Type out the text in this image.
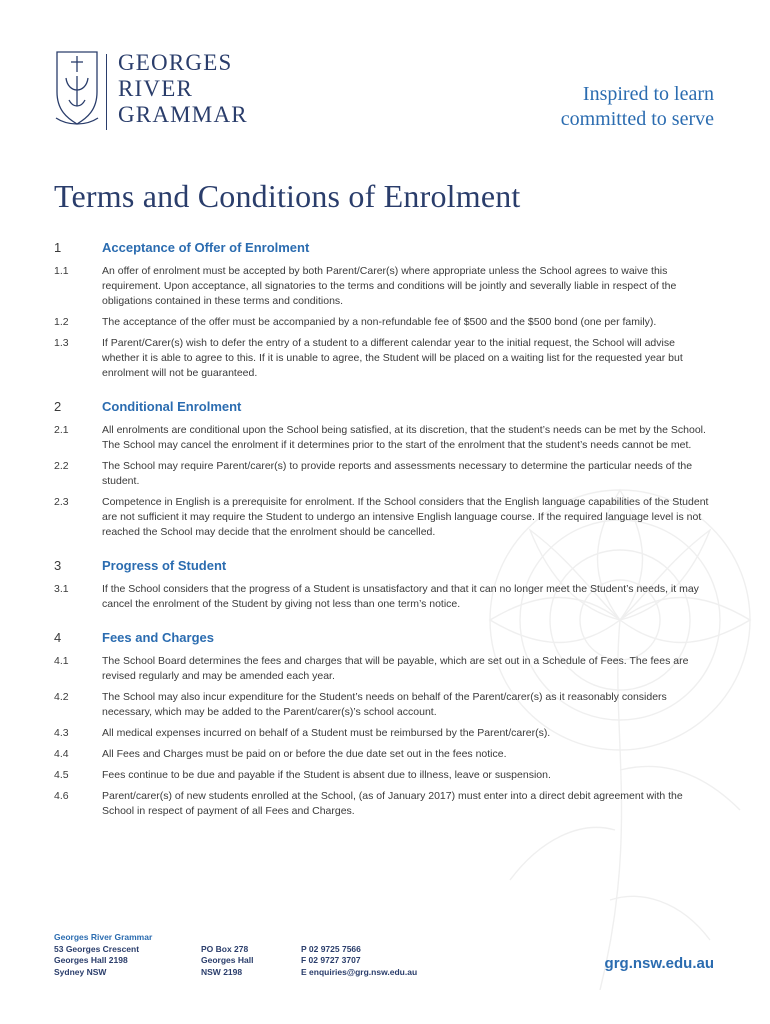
GEORGES
RIVER
GRAMMAR
Inspired to learn
committed to serve
Terms and Conditions of Enrolment
1	Acceptance of Offer of Enrolment
1.1	An offer of enrolment must be accepted by both Parent/Carer(s) where appropriate unless the School agrees to waive this requirement. Upon acceptance, all signatories to the terms and conditions will be jointly and severally liable in respect of the obligations contained in these terms and conditions.
1.2	The acceptance of the offer must be accompanied by a non-refundable fee of $500 and the $500 bond (one per family).
1.3	If Parent/Carer(s) wish to defer the entry of a student to a different calendar year to the initial request, the School will advise whether it is able to agree to this. If it is unable to agree, the Student will be placed on a waiting list for the requested year but enrolment will not be guaranteed.
2	Conditional Enrolment
2.1	All enrolments are conditional upon the School being satisfied, at its discretion, that the student’s needs can be met by the School. The School may cancel the enrolment if it determines prior to the start of the enrolment that the student’s needs cannot be met.
2.2	The School may require Parent/carer(s) to provide reports and assessments necessary to determine the particular needs of the student.
2.3	Competence in English is a prerequisite for enrolment. If the School considers that the English language capabilities of the Student are not sufficient it may require the Student to undergo an intensive English language course. If the required language level is not reached the School may decide that the enrolment should be cancelled.
3	Progress of Student
3.1	If the School considers that the progress of a Student is unsatisfactory and that it can no longer meet the Student’s needs, it may cancel the enrolment of the Student by giving not less than one term’s notice.
4	Fees and Charges
4.1	The School Board determines the fees and charges that will be payable, which are set out in a Schedule of Fees. The fees are revised regularly and may be amended each year.
4.2	The School may also incur expenditure for the Student’s needs on behalf of the Parent/carer(s) as it reasonably considers necessary, which may be added to the Parent/carer(s)’s school account.
4.3	All medical expenses incurred on behalf of a Student must be reimbursed by the Parent/carer(s).
4.4	All Fees and Charges must be paid on or before the due date set out in the fees notice.
4.5	Fees continue to be due and payable if the Student is absent due to illness, leave or suspension.
4.6	Parent/carer(s) of new students enrolled at the School, (as of January 2017) must enter into a direct debit agreement with the School in respect of payment of all Fees and Charges.
Georges River Grammar
53 Georges Crescent
Georges Hall 2198
Sydney NSW
PO Box 278
Georges Hall
NSW 2198
P 02 9725 7566
F 02 9727 3707
E enquiries@grg.nsw.edu.au	grg.nsw.edu.au
